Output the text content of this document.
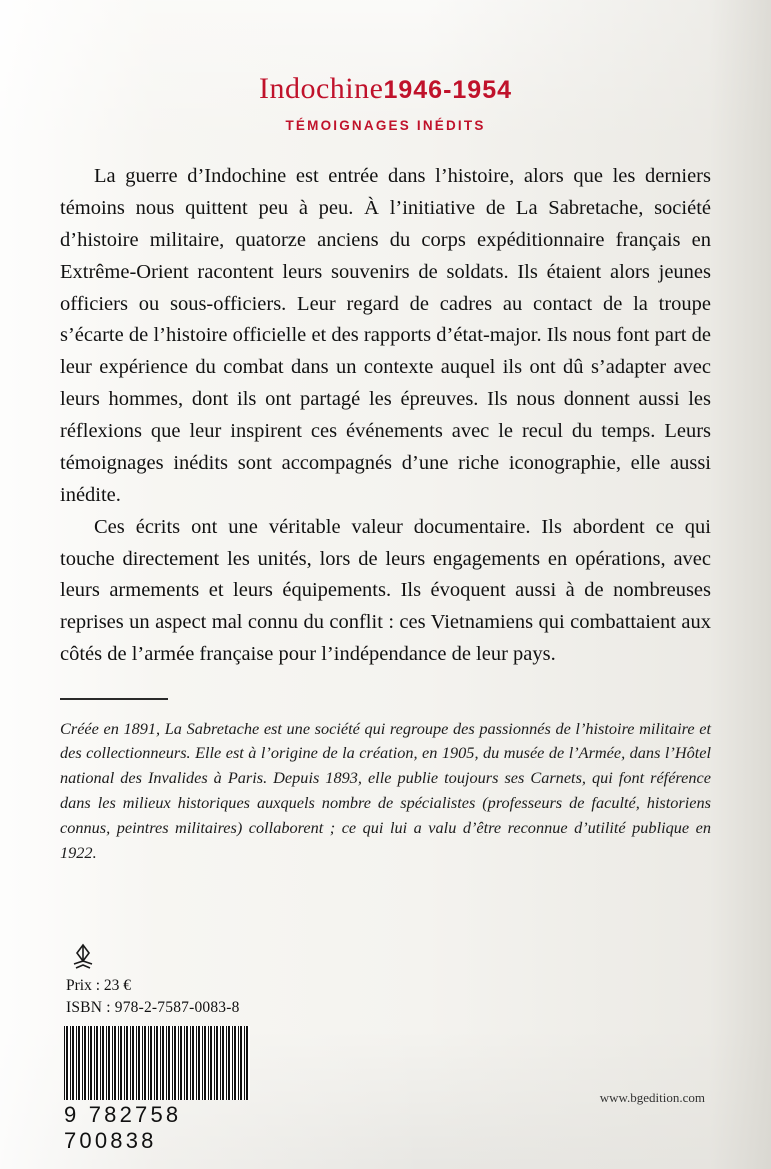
Indochine1946-1954
TÉMOIGNAGES INÉDITS

La guerre d’Indochine est entrée dans l’histoire, alors que les derniers témoins nous quittent peu à peu. À l’initiative de La Sabretache, société d’histoire militaire, quatorze anciens du corps expéditionnaire français en Extrême-Orient racontent leurs souvenirs de soldats. Ils étaient alors jeunes officiers ou sous-officiers. Leur regard de cadres au contact de la troupe s’écarte de l’histoire officielle et des rapports d’état-major. Ils nous font part de leur expérience du combat dans un contexte auquel ils ont dû s’adapter avec leurs hommes, dont ils ont partagé les épreuves. Ils nous donnent aussi les réflexions que leur inspirent ces événements avec le recul du temps. Leurs témoignages inédits sont accompagnés d’une riche iconographie, elle aussi inédite.

Ces écrits ont une véritable valeur documentaire. Ils abordent ce qui touche directement les unités, lors de leurs engagements en opérations, avec leurs armements et leurs équipements. Ils évoquent aussi à de nombreuses reprises un aspect mal connu du conflit : ces Vietnamiens qui combattaient aux côtés de l’armée française pour l’indépendance de leur pays.

Créée en 1891, La Sabretache est une société qui regroupe des passionnés de l’histoire militaire et des collectionneurs. Elle est à l’origine de la création, en 1905, du musée de l’Armée, dans l’Hôtel national des Invalides à Paris. Depuis 1893, elle publie toujours ses Carnets, qui font référence dans les milieux historiques auxquels nombre de spécialistes (professeurs de faculté, historiens connus, peintres militaires) collaborent ; ce qui lui a valu d’être reconnue d’utilité publique en 1922.

Prix : 23 €
ISBN : 978-2-7587-0083-8
9 782758 700838
www.bgedition.com
